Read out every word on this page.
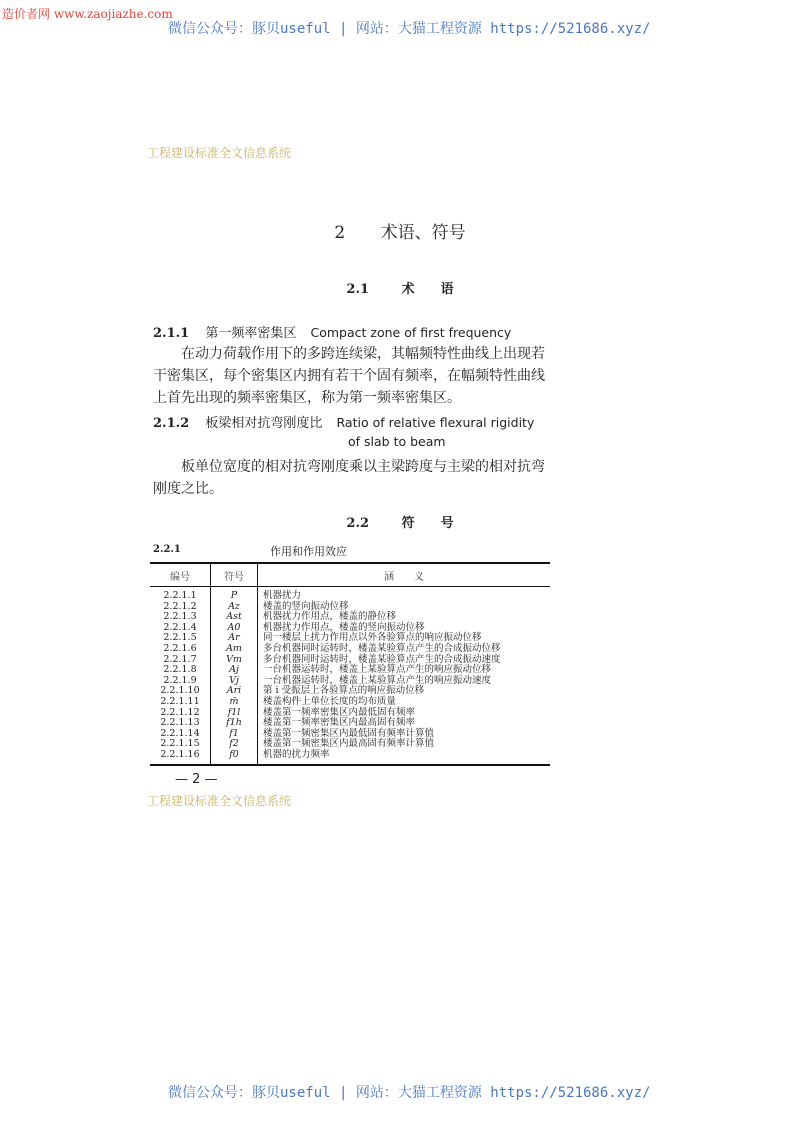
造价者网 www.zaojiazhe.com
微信公众号：豚贝useful | 网站：大猫工程资源 https://521686.xyz/
工程建设标准全文信息系统
2 术语、符号
2.1	术　　语
2.1.1 第一频率密集区 Compact zone of first frequency
在动力荷载作用下的多跨连续梁，其幅频特性曲线上出现若干密集区，每个密集区内拥有若干个固有频率，在幅频特性曲线上首先出现的频率密集区，称为第一频率密集区。
2.1.2 板梁相对抗弯刚度比 Ratio of relative flexural rigidity
of slab to beam
板单位宽度的相对抗弯刚度乘以主梁跨度与主梁的相对抗弯刚度之比。
2.2	符　　号
2.2.1	作用和作用效应
编号	符号	涵　　义
2.2.1.1	P	机器扰力
2.2.1.2	Az	楼盖的竖向振动位移
2.2.1.3	Ast	机器扰力作用点，楼盖的静位移
2.2.1.4	A0	机器扰力作用点，楼盖的竖向振动位移
2.2.1.5	Ar	同一楼层上扰力作用点以外各验算点的响应振动位移
2.2.1.6	Am	多台机器同时运转时，楼盖某验算点产生的合成振动位移
2.2.1.7	Vm	多台机器同时运转时，楼盖某验算点产生的合成振动速度
2.2.1.8	Aj	一台机器运转时，楼盖上某验算点产生的响应振动位移
2.2.1.9	Vj	一台机器运转时，楼盖上某验算点产生的响应振动速度
2.2.1.10	Ari	第 i 受振层上各验算点的响应振动位移
2.2.1.11	m̄	楼盖构件上单位长度的均布质量
2.2.1.12	f1l	楼盖第一频率密集区内最低固有频率
2.2.1.13	f1h	楼盖第一频率密集区内最高固有频率
2.2.1.14	f1	楼盖第一频密集区内最低固有频率计算值
2.2.1.15	f2	楼盖第一频密集区内最高固有频率计算值
2.2.1.16	f0	机器的扰力频率
— 2 —
工程建设标准全文信息系统
微信公众号：豚贝useful | 网站：大猫工程资源 https://521686.xyz/
